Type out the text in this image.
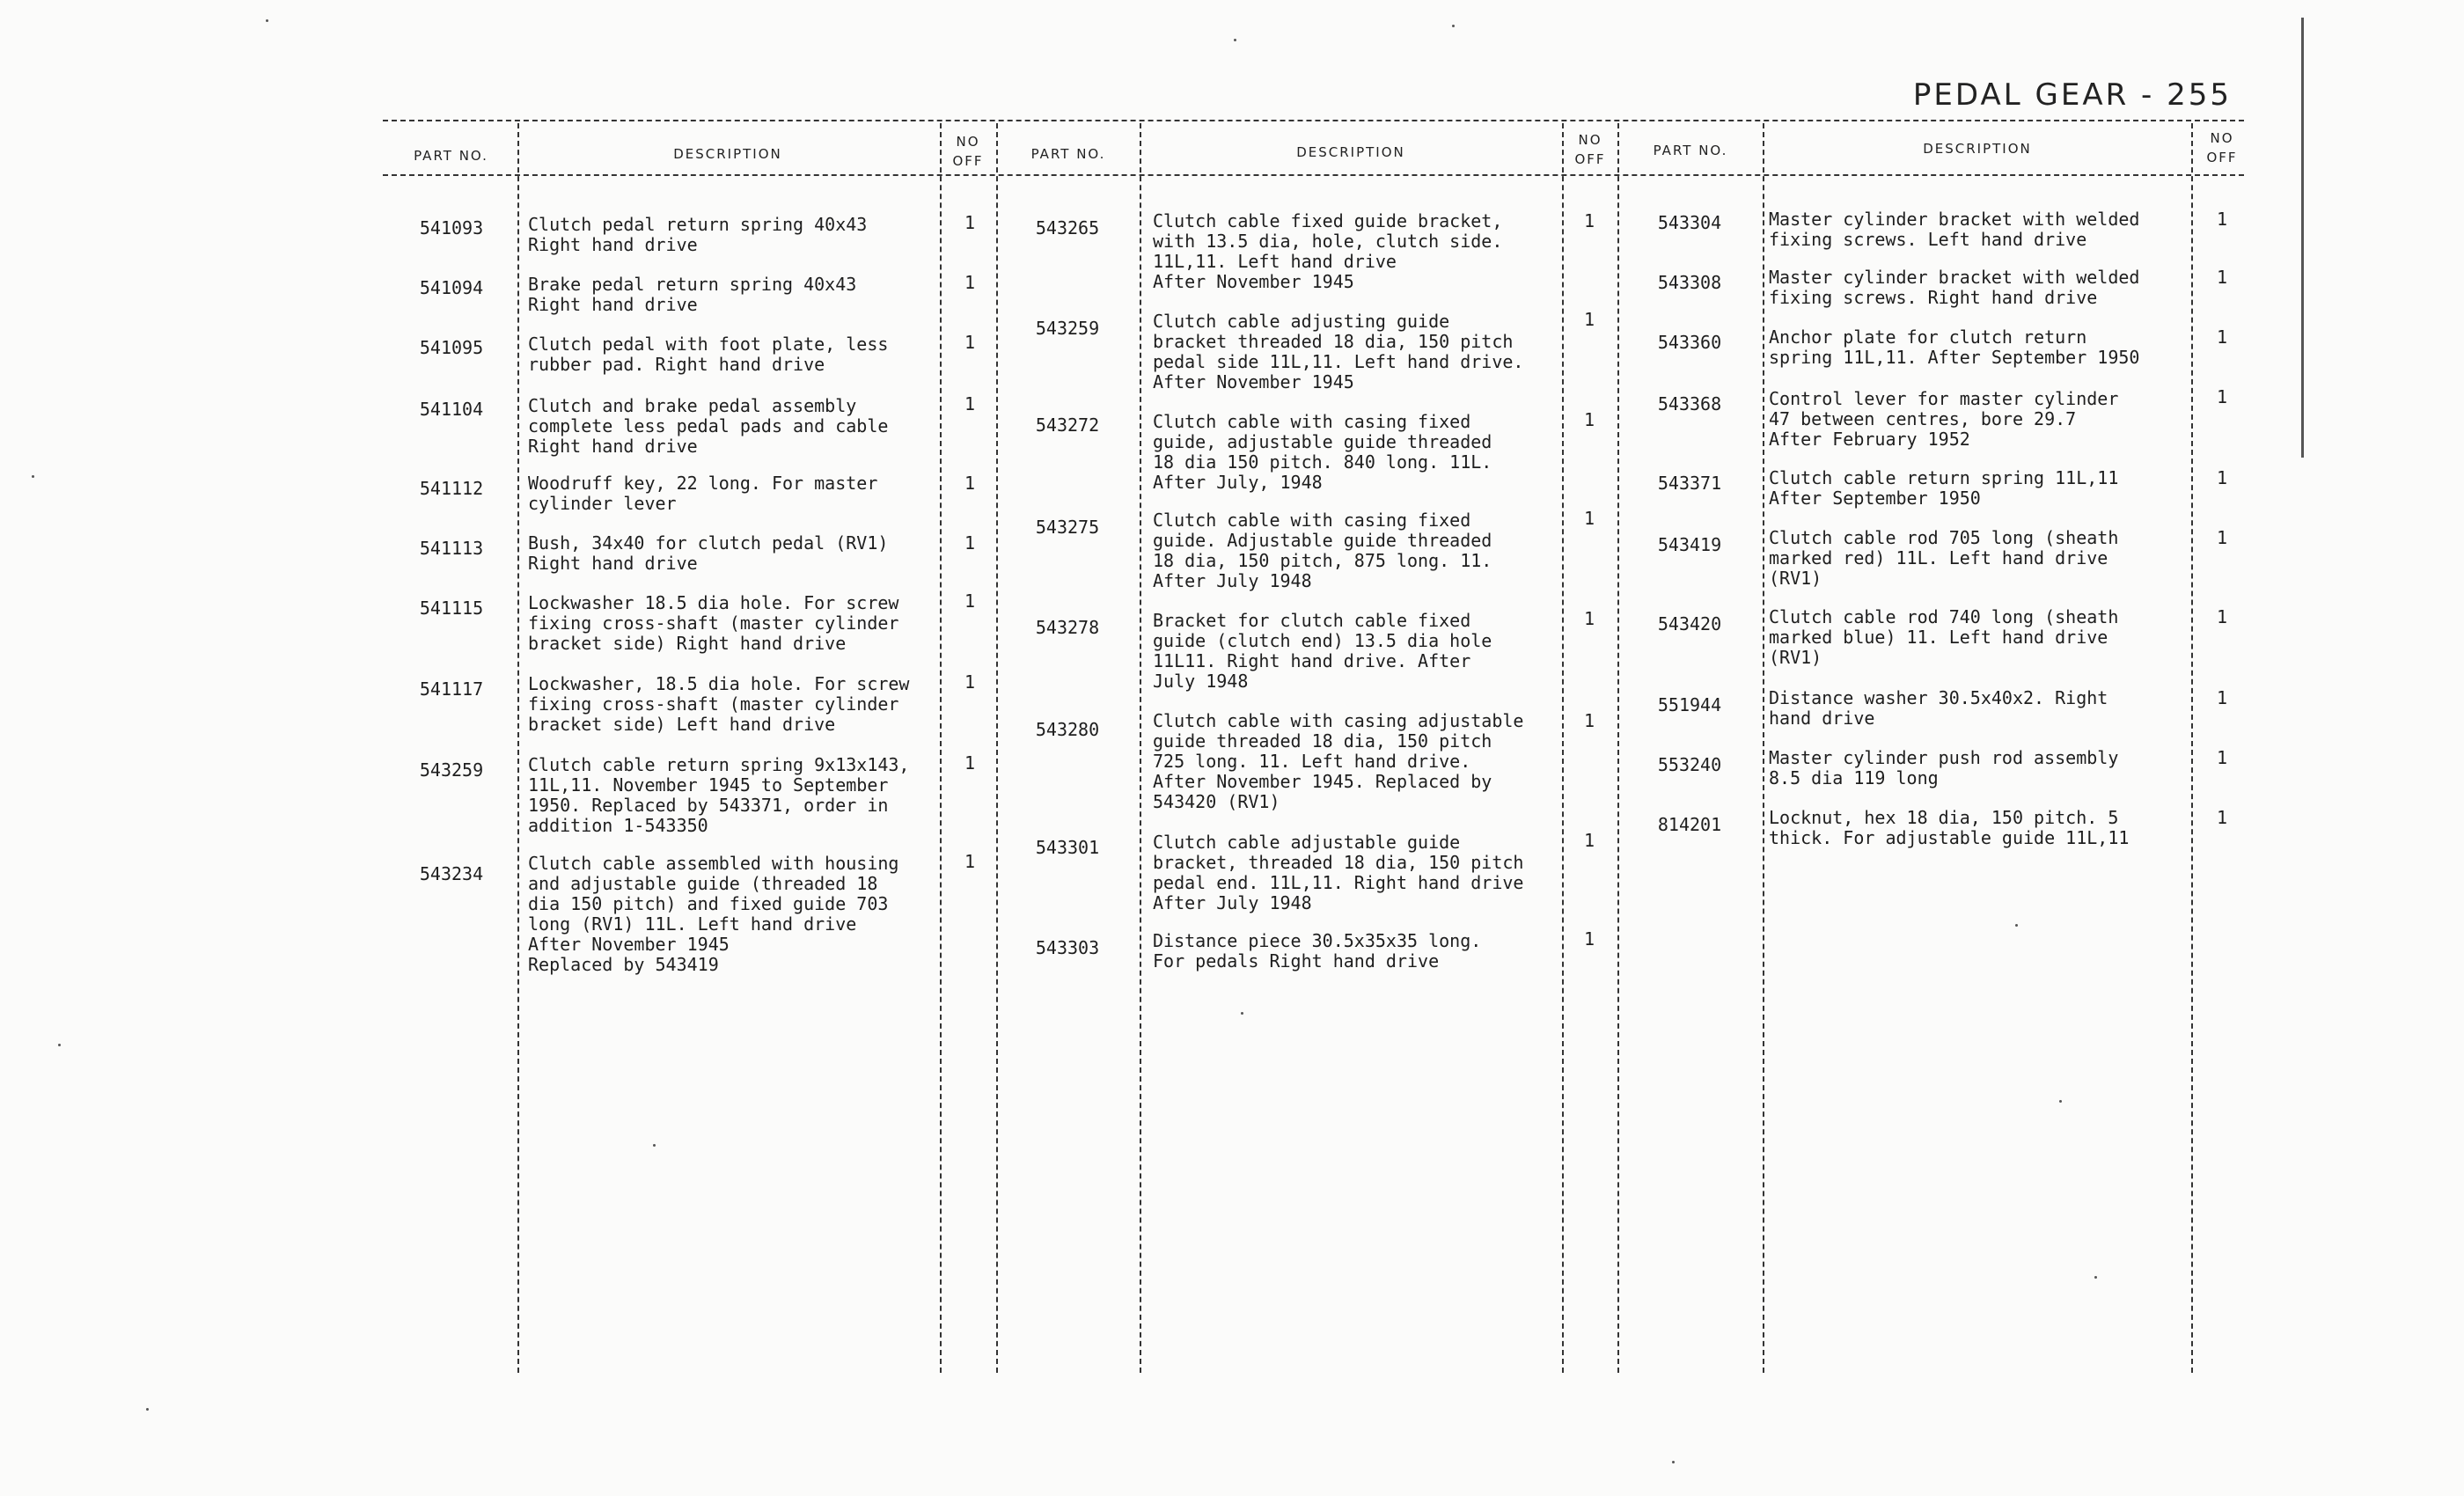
PEDAL GEAR - 255
PART NO.	DESCRIPTION
NO
OFF	PART NO.	DESCRIPTION
NO
OFF
PART NO.	DESCRIPTION
NO
OFF
541093	Clutch pedal return spring 40x43
Right hand drive
1
541094	Brake pedal return spring 40x43
Right hand drive
1
541095	Clutch pedal with foot plate, less
rubber pad. Right hand drive
1
541104	Clutch and brake pedal assembly
complete less pedal pads and cable
Right hand drive
1
541112	Woodruff key, 22 long. For master
cylinder lever
1
541113	Bush, 34x40 for clutch pedal (RV1)
Right hand drive
1
541115	Lockwasher 18.5 dia hole. For screw
fixing cross-shaft (master cylinder
bracket side) Right hand drive
1
541117	Lockwasher, 18.5 dia hole. For screw
fixing cross-shaft (master cylinder
bracket side) Left hand drive
1
543259	Clutch cable return spring 9x13x143,
11L,11. November 1945 to September
1950. Replaced by 543371, order in
addition 1-543350
1
543234	Clutch cable assembled with housing
and adjustable guide (threaded 18
dia 150 pitch) and fixed guide 703
long (RV1) 11L. Left hand drive
After November 1945
Replaced by 543419
1
543265	Clutch cable fixed guide bracket,
with 13.5 dia, hole, clutch side.
11L,11. Left hand drive
After November 1945
1
543259	Clutch cable adjusting guide
bracket threaded 18 dia, 150 pitch
pedal side 11L,11. Left hand drive.
After November 1945
1
543272	Clutch cable with casing fixed
guide, adjustable guide threaded
18 dia 150 pitch. 840 long. 11L.
After July, 1948
1
543275	Clutch cable with casing fixed
guide. Adjustable guide threaded
18 dia, 150 pitch, 875 long. 11.
After July 1948
1
543278	Bracket for clutch cable fixed
guide (clutch end) 13.5 dia hole
11L11. Right hand drive. After
July 1948
1
543280	Clutch cable with casing adjustable
guide threaded 18 dia, 150 pitch
725 long. 11. Left hand drive.
After November 1945. Replaced by
543420 (RV1)
1
543301	Clutch cable adjustable guide
bracket, threaded 18 dia, 150 pitch
pedal end. 11L,11. Right hand drive
After July 1948
1
543303	Distance piece 30.5x35x35 long.
For pedals Right hand drive
1
543304	Master cylinder bracket with welded
fixing screws. Left hand drive
1
543308	Master cylinder bracket with welded
fixing screws. Right hand drive
1
543360	Anchor plate for clutch return
spring 11L,11. After September 1950
1
543368	Control lever for master cylinder
47 between centres, bore 29.7
After February 1952
1
543371	Clutch cable return spring 11L,11
After September 1950
1
543419	Clutch cable rod 705 long (sheath
marked red) 11L. Left hand drive
(RV1)
1
543420	Clutch cable rod 740 long (sheath
marked blue) 11. Left hand drive
(RV1)
1
551944	Distance washer 30.5x40x2. Right
hand drive
1
553240	Master cylinder push rod assembly
8.5 dia 119 long
1
814201	Locknut, hex 18 dia, 150 pitch. 5
thick. For adjustable guide 11L,11
1
